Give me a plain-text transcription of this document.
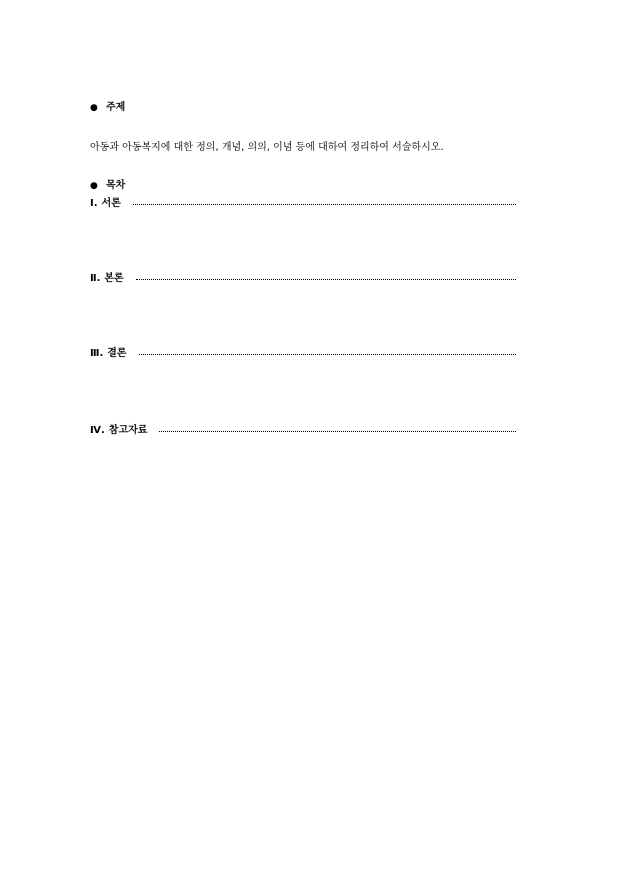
● 주제
아동과 아동복지에 대한 정의, 개념, 의의, 이념 등에 대하여 정리하여 서술하시오.
● 목차
Ⅰ. 서론
Ⅱ. 본론
Ⅲ. 결론
Ⅳ. 참고자료
